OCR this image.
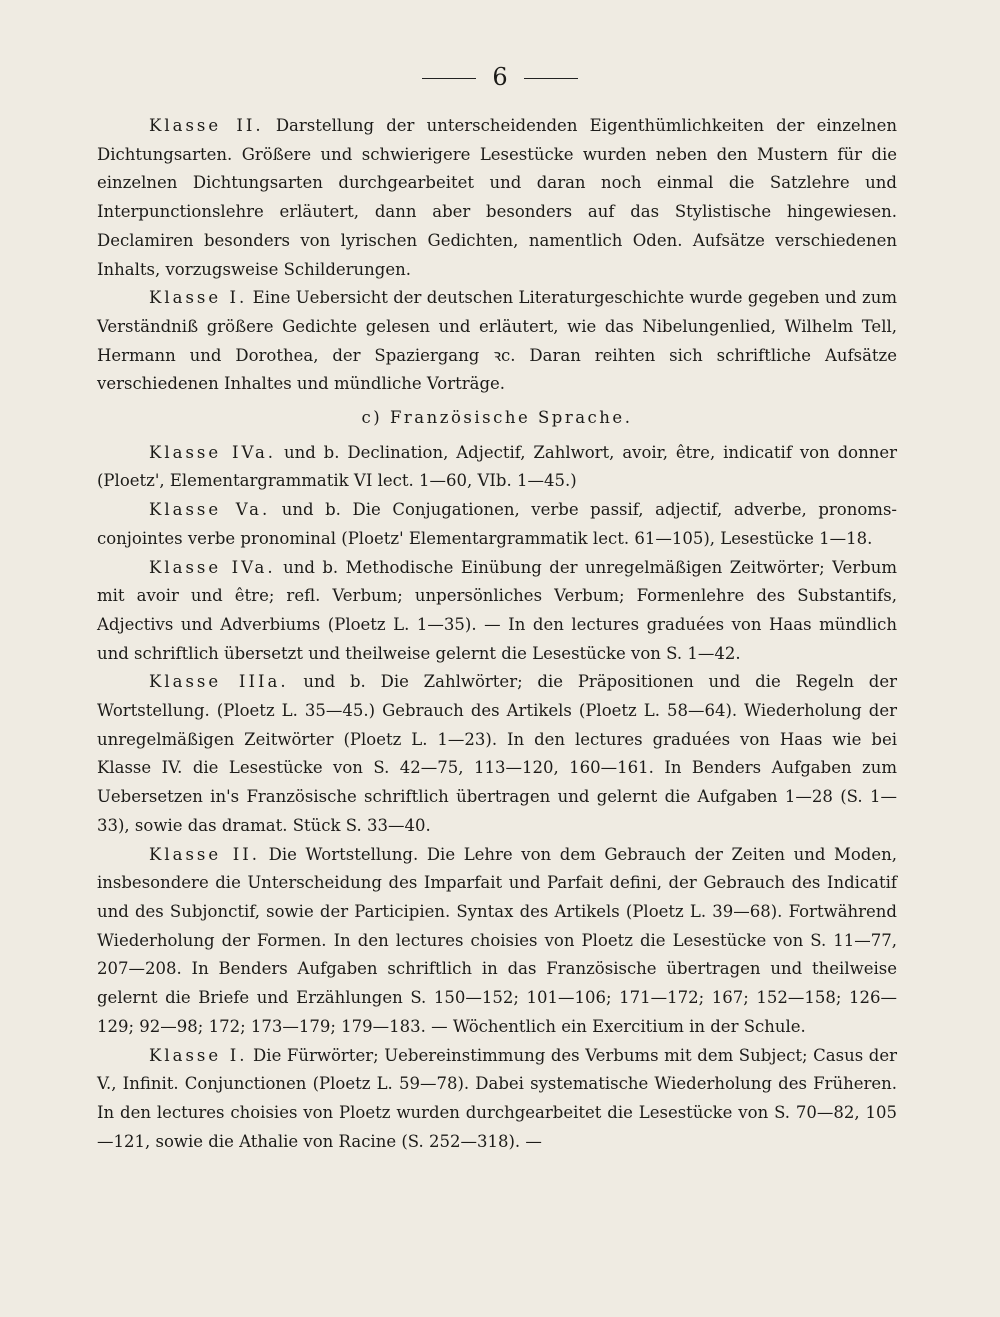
6

Klasse II. Darstellung der unterscheidenden Eigenthümlichkeiten der einzelnen Dichtungsarten. Größere und schwierigere Lesestücke wurden neben den Mustern für die einzelnen Dichtungsarten durchgearbeitet und daran noch einmal die Satzlehre und Interpunctionslehre erläutert, dann aber besonders auf das Stylistische hingewiesen. Declamiren besonders von lyrischen Gedichten, namentlich Oden. Aufsätze verschiedenen Inhalts, vorzugsweise Schilderungen.

Klasse I. Eine Uebersicht der deutschen Literaturgeschichte wurde gegeben und zum Verständniß größere Gedichte gelesen und erläutert, wie das Nibelungenlied, Wilhelm Tell, Hermann und Dorothea, der Spaziergang ꝛc. Daran reihten sich schriftliche Aufsätze verschiedenen Inhaltes und mündliche Vorträge.

c) Französische Sprache.

Klasse IVa. und b. Declination, Adjectif, Zahlwort, avoir, être, indicatif von donner (Ploetz', Elementargrammatik VI lect. 1—60, VIb. 1—45.)

Klasse Va. und b. Die Conjugationen, verbe passif, adjectif, adverbe, pronoms-conjointes verbe pronominal (Ploetz' Elementargrammatik lect. 61—105), Lesestücke 1—18.

Klasse IVa. und b. Methodische Einübung der unregelmäßigen Zeitwörter; Verbum mit avoir und être; refl. Verbum; unpersönliches Verbum; Formenlehre des Substantifs, Adjectivs und Adverbiums (Ploetz L. 1—35). — In den lectures graduées von Haas mündlich und schriftlich übersetzt und theilweise gelernt die Lesestücke von S. 1—42.

Klasse IIIa. und b. Die Zahlwörter; die Präpositionen und die Regeln der Wortstellung. (Ploetz L. 35—45.) Gebrauch des Artikels (Ploetz L. 58—64). Wiederholung der unregelmäßigen Zeitwörter (Ploetz L. 1—23). In den lectures graduées von Haas wie bei Klasse IV. die Lesestücke von S. 42—75, 113—120, 160—161. In Benders Aufgaben zum Uebersetzen in's Französische schriftlich übertragen und gelernt die Aufgaben 1—28 (S. 1—33), sowie das dramat. Stück S. 33—40.

Klasse II. Die Wortstellung. Die Lehre von dem Gebrauch der Zeiten und Moden, insbesondere die Unterscheidung des Imparfait und Parfait defini, der Gebrauch des Indicatif und des Subjonctif, sowie der Participien. Syntax des Artikels (Ploetz L. 39—68). Fortwährend Wiederholung der Formen. In den lectures choisies von Ploetz die Lesestücke von S. 11—77, 207—208. In Benders Aufgaben schriftlich in das Französische übertragen und theilweise gelernt die Briefe und Erzählungen S. 150—152; 101—106; 171—172; 167; 152—158; 126—129; 92—98; 172; 173—179; 179—183. — Wöchentlich ein Exercitium in der Schule.

Klasse I. Die Fürwörter; Uebereinstimmung des Verbums mit dem Subject; Casus der V., Infinit. Conjunctionen (Ploetz L. 59—78). Dabei systematische Wiederholung des Früheren. In den lectures choisies von Ploetz wurden durchgearbeitet die Lesestücke von S. 70—82, 105—121, sowie die Athalie von Racine (S. 252—318). —
